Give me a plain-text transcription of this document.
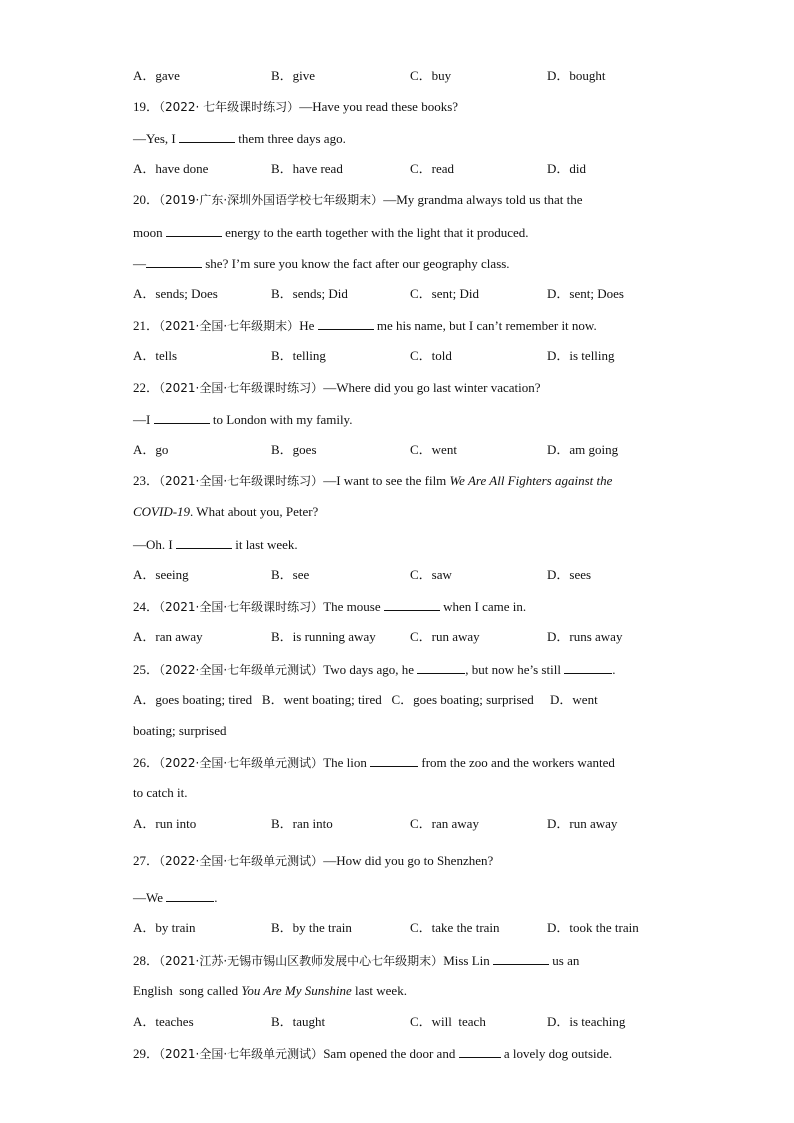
A．gave	B．give	C．buy	D．bought
19．（2022· 七年级课时练习）—Have you read these books?
—Yes, I	them three days ago.
A．have done	B．have read	C．read	D．did
20．（2019·广东·深圳外国语学校七年级期末）—My grandma always told us that the
moon	energy to the earth together with the light that it produced.
—	she? I’m sure you know the fact after our geography class.
A．sends; Does	B．sends; Did	C．sent; Did	D．sent; Does
21．（2021·全国·七年级期末）He	me his name, but I can’t remember it now.
A．tells	B．telling	C．told	D．is telling
22．（2021·全国·七年级课时练习）—Where did you go last winter vacation?
—I	to London with my family.
A．go	B．goes	C．went	D．am going
23．（2021·全国·七年级课时练习）—I want to see the film We Are All Fighters against the
COVID-19. What about you, Peter?
—Oh. I	it last week.
A．seeing	B．see	C．saw	D．sees
24．（2021·全国·七年级课时练习）The mouse	when I came in.
A．ran away	B．is running away	C．run away	D．runs away
25．（2022·全国·七年级单元测试）Two days ago, he	, but now he’s still	.
A．goes boating; tired   B．went boating; tired   C．goes boating; surprised     D．went
boating; surprised
26．（2022·全国·七年级单元测试）The lion	from the zoo and the workers wanted
to catch it.
A．run into	B．ran into	C．ran away	D．run away
27．（2022·全国·七年级单元测试）—How did you go to Shenzhen?
—We	.
A．by train	B．by the train	C．take the train	D．took the train
28．（2021·江苏·无锡市锡山区教师发展中心七年级期末）Miss Lin	us an
English  song called You Are My Sunshine last week.
A．teaches	B．taught	C．will  teach	D．is teaching
29．（2021·全国·七年级单元测试）Sam opened the door and	a lovely dog outside.
